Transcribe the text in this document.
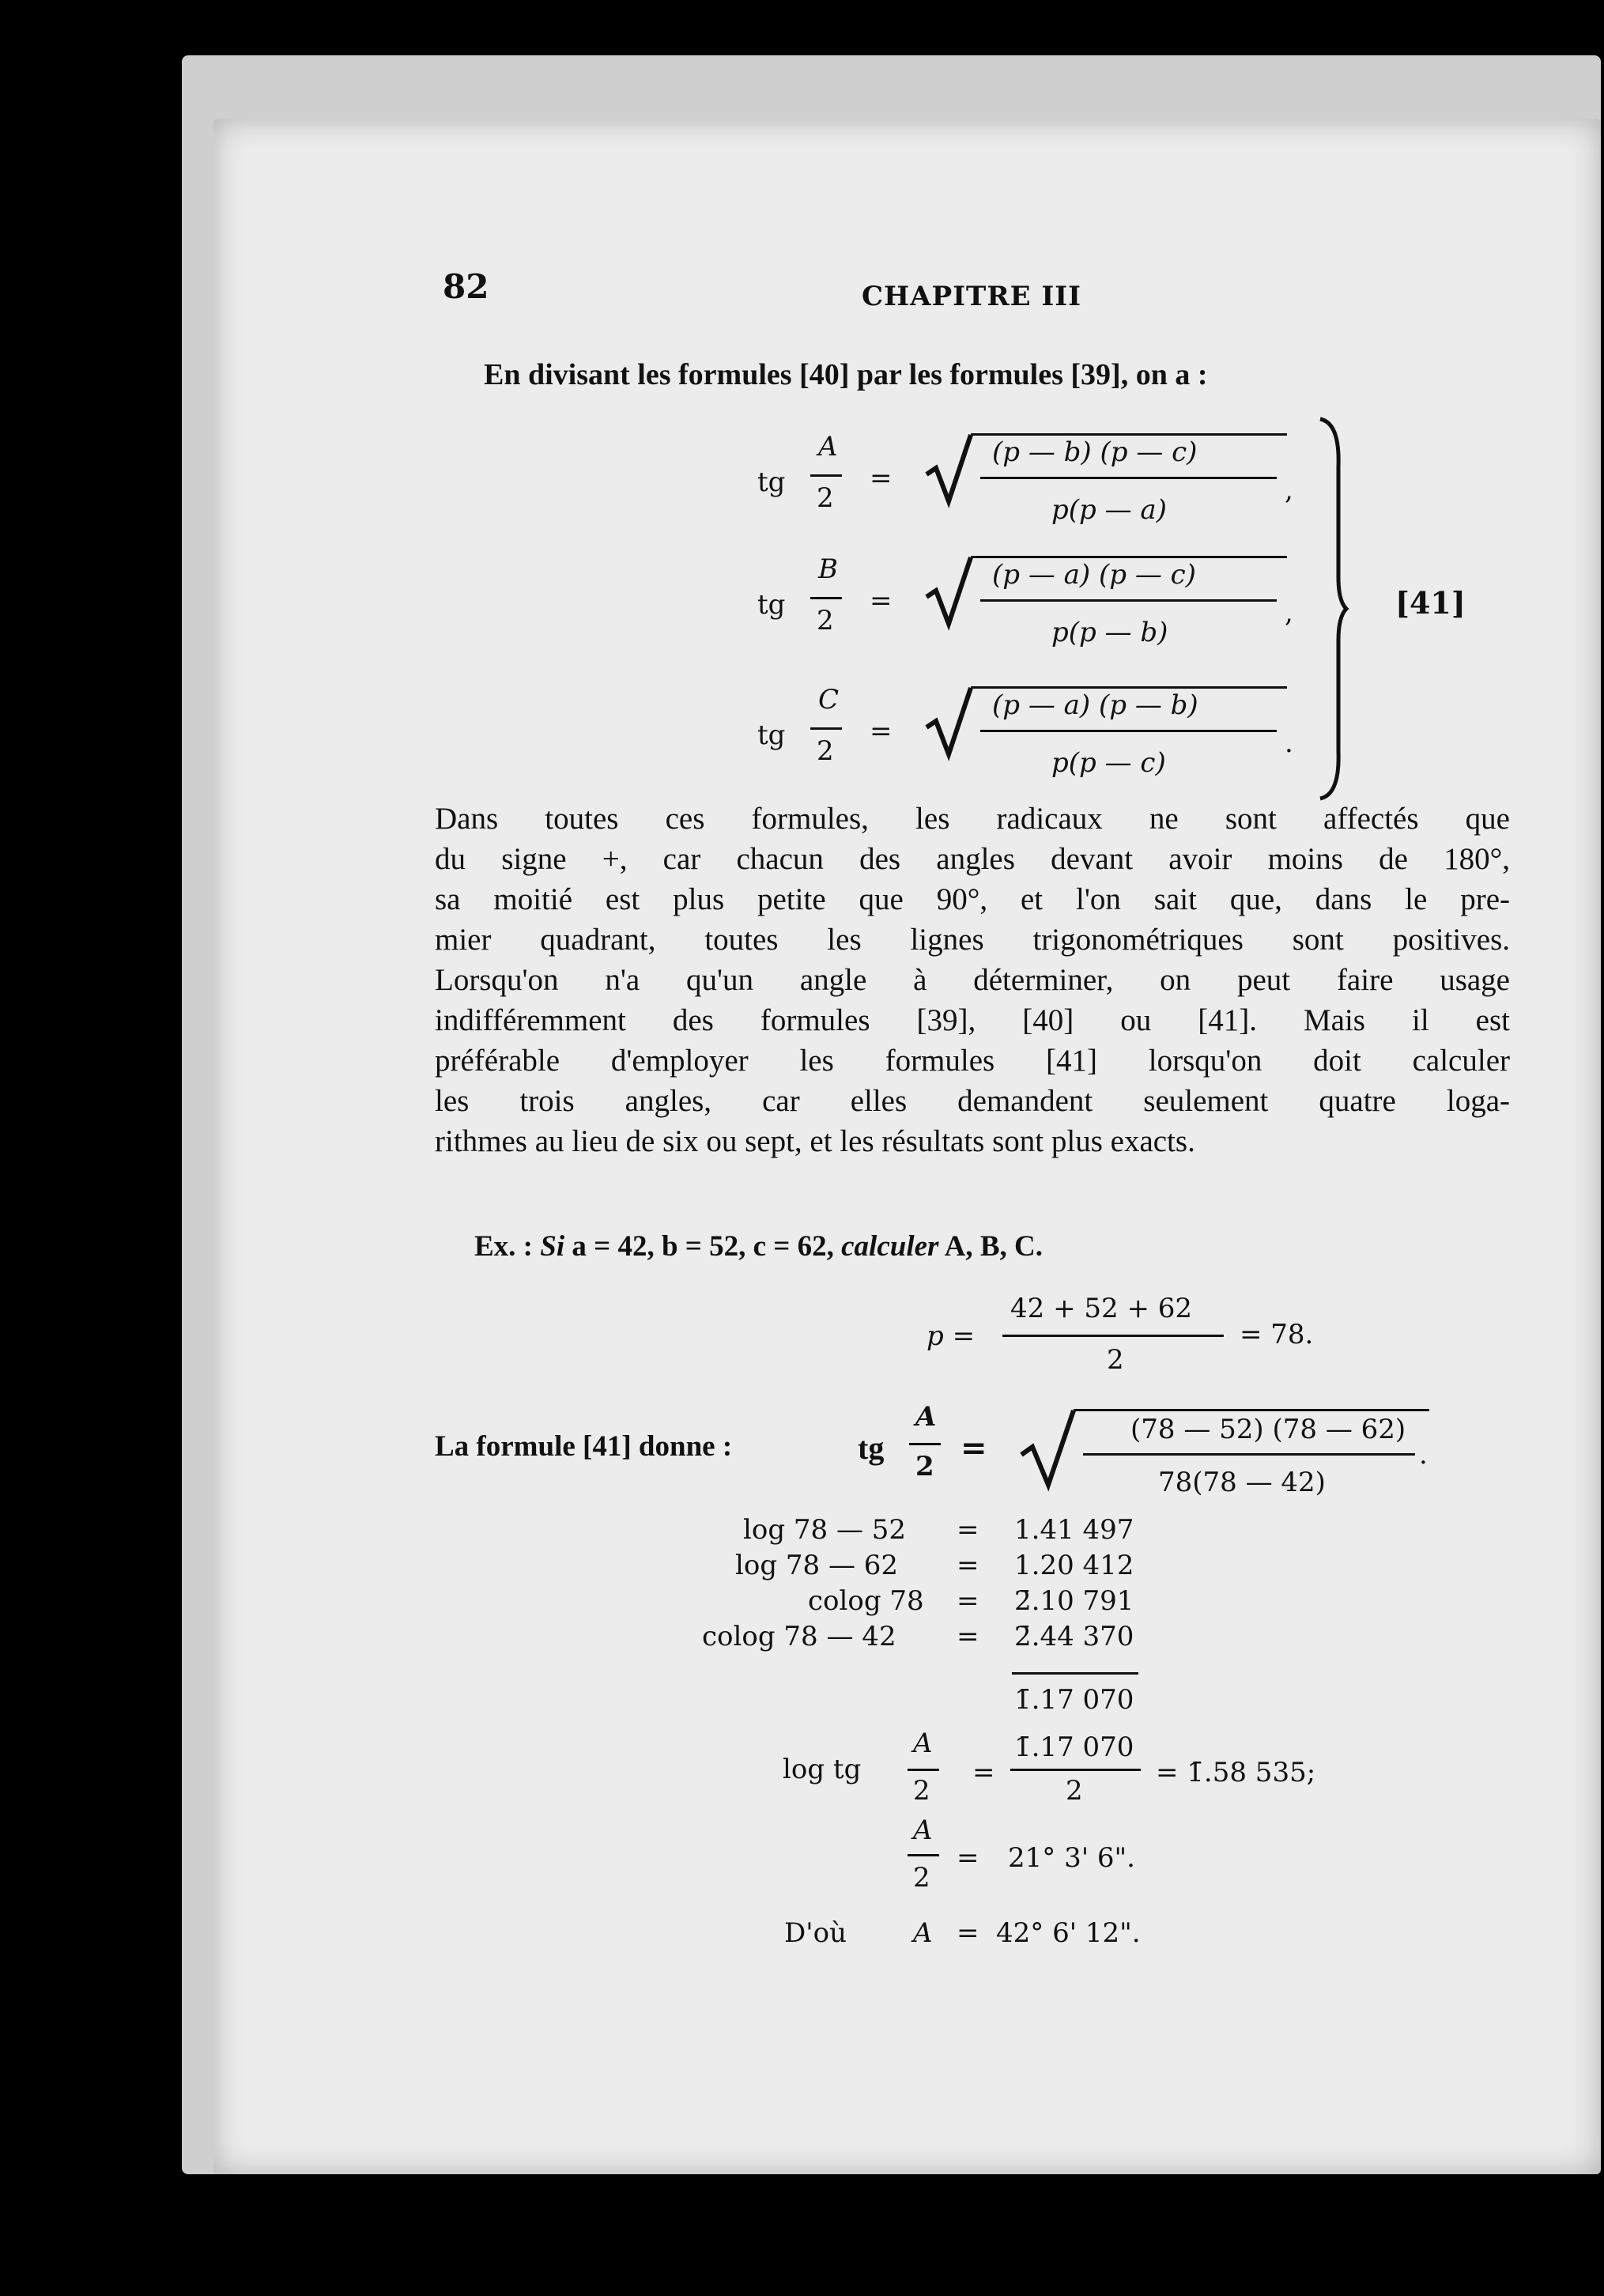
82	CHAPITRE III
En divisant les formules [40] par les formules [39], on a :
tg
A
2
=
(p — b) (p — c)
p(p — a)
,
tg
B
2
=
(p — a) (p — c)
p(p — b)
,
tg
C
2
=
(p — a) (p — b)
p(p — c)
.
[41]
Dans toutes ces formules, les radicaux ne sont affectés que
du signe +, car chacun des angles devant avoir moins de 180°,
sa moitié est plus petite que 90°, et l'on sait que, dans le pre-
mier quadrant, toutes les lignes trigonométriques sont positives.
Lorsqu'on n'a qu'un angle à déterminer, on peut faire usage
indifféremment des formules [39], [40] ou [41]. Mais il est
préférable d'employer les formules [41] lorsqu'on doit calculer
les trois angles, car elles demandent seulement quatre loga-
rithmes au lieu de six ou sept, et les résultats sont plus exacts.
Ex. : Si a = 42, b = 52, c = 62, calculer A, B, C.
p =
42 + 52 + 62
2
= 78.
La formule [41] donne :	tg
A
2 =	(78 — 52) (78 — 62)
78(78 — 42)
.
log 78 — 52 = 1.41 497
log 78 — 62 = 1.20 412
colog 78 = 2̄.10 791
colog 78 — 42 = 2̄.44 370
1̄.17 070
log tg
A
2
=
1̄.17 070
2
= 1̄.58 535;
A
2
= 21° 3' 6".
D'où A = 42° 6' 12".
